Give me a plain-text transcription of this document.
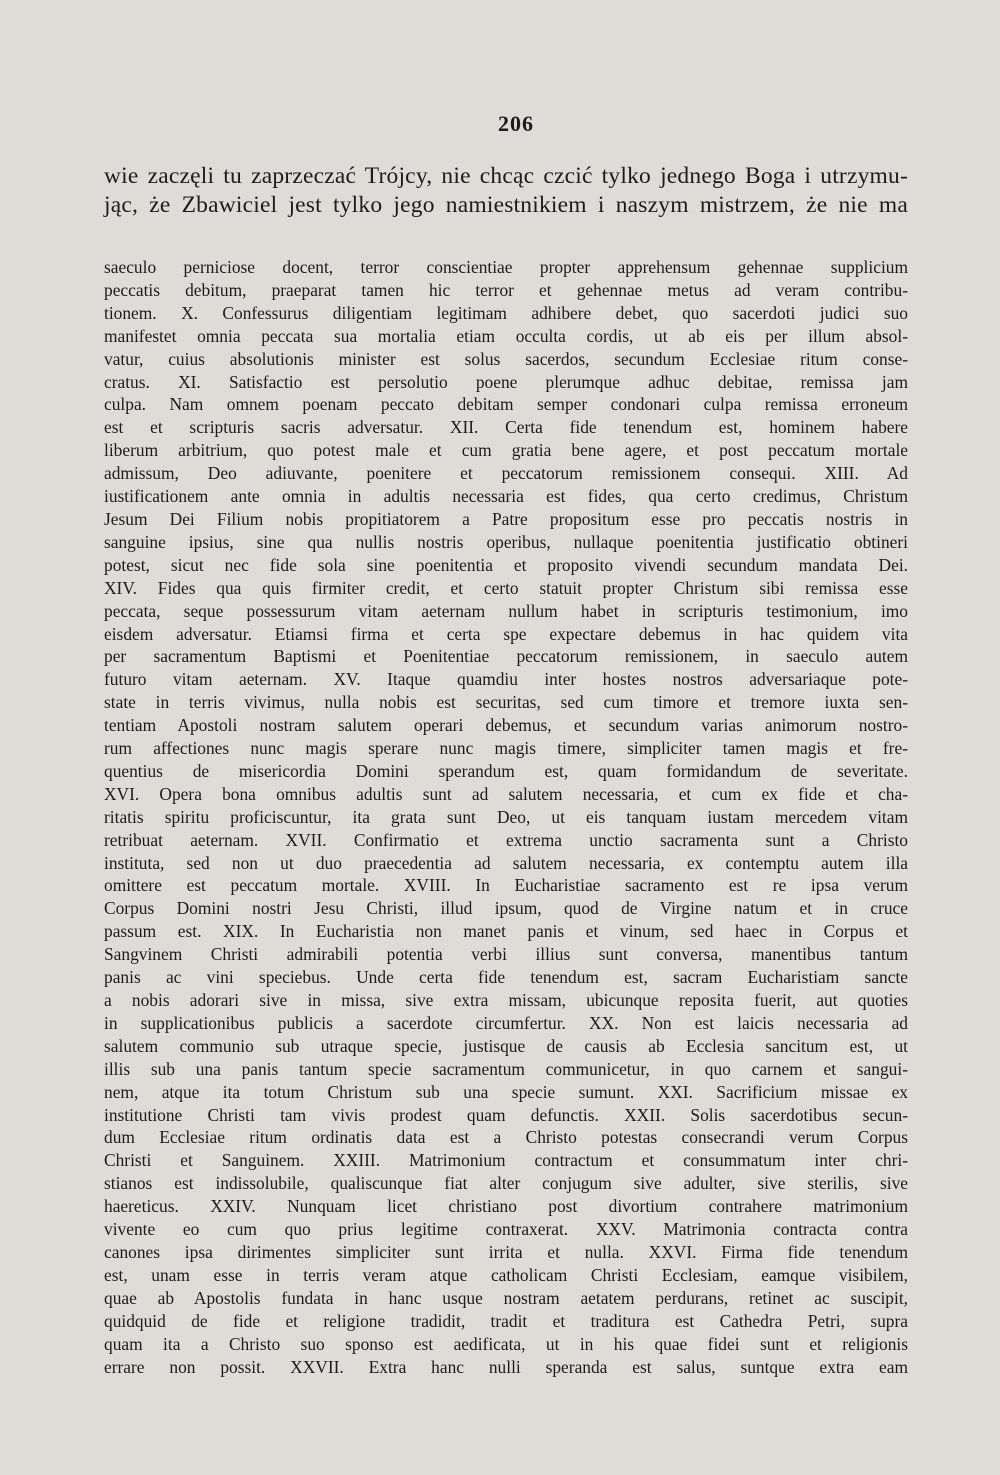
206

wie zaczęli tu zaprzeczać Trójcy, nie chcąc czcić tylko jednego Boga i utrzymu-
jąc, że Zbawiciel jest tylko jego namiestnikiem i naszym mistrzem, że nie ma

saeculo perniciose docent, terror conscientiae propter apprehensum gehennae supplicium
peccatis debitum, praeparat tamen hic terror et gehennae metus ad veram contribu-
tionem. X. Confessurus diligentiam legitimam adhibere debet, quo sacerdoti judici suo
manifestet omnia peccata sua mortalia etiam occulta cordis, ut ab eis per illum absol-
vatur, cuius absolutionis minister est solus sacerdos, secundum Ecclesiae ritum conse-
cratus. XI. Satisfactio est persolutio poene plerumque adhuc debitae, remissa jam
culpa. Nam omnem poenam peccato debitam semper condonari culpa remissa erroneum
est et scripturis sacris adversatur. XII. Certa fide tenendum est, hominem habere
liberum arbitrium, quo potest male et cum gratia bene agere, et post peccatum mortale
admissum, Deo adiuvante, poenitere et peccatorum remissionem consequi. XIII. Ad
iustificationem ante omnia in adultis necessaria est fides, qua certo credimus, Christum
Jesum Dei Filium nobis propitiatorem a Patre propositum esse pro peccatis nostris in
sanguine ipsius, sine qua nullis nostris operibus, nullaque poenitentia justificatio obtineri
potest, sicut nec fide sola sine poenitentia et proposito vivendi secundum mandata Dei.
XIV. Fides qua quis firmiter credit, et certo statuit propter Christum sibi remissa esse
peccata, seque possessurum vitam aeternam nullum habet in scripturis testimonium, imo
eisdem adversatur. Etiamsi firma et certa spe expectare debemus in hac quidem vita
per sacramentum Baptismi et Poenitentiae peccatorum remissionem, in saeculo autem
futuro vitam aeternam. XV. Itaque quamdiu inter hostes nostros adversariaque pote-
state in terris vivimus, nulla nobis est securitas, sed cum timore et tremore iuxta sen-
tentiam Apostoli nostram salutem operari debemus, et secundum varias animorum nostro-
rum affectiones nunc magis sperare nunc magis timere, simpliciter tamen magis et fre-
quentius de misericordia Domini sperandum est, quam formidandum de severitate.
XVI. Opera bona omnibus adultis sunt ad salutem necessaria, et cum ex fide et cha-
ritatis spiritu proficiscuntur, ita grata sunt Deo, ut eis tanquam iustam mercedem vitam
retribuat aeternam. XVII. Confirmatio et extrema unctio sacramenta sunt a Christo
instituta, sed non ut duo praecedentia ad salutem necessaria, ex contemptu autem illa
omittere est peccatum mortale. XVIII. In Eucharistiae sacramento est re ipsa verum
Corpus Domini nostri Jesu Christi, illud ipsum, quod de Virgine natum et in cruce
passum est. XIX. In Eucharistia non manet panis et vinum, sed haec in Corpus et
Sangvinem Christi admirabili potentia verbi illius sunt conversa, manentibus tantum
panis ac vini speciebus. Unde certa fide tenendum est, sacram Eucharistiam sancte
a nobis adorari sive in missa, sive extra missam, ubicunque reposita fuerit, aut quoties
in supplicationibus publicis a sacerdote circumfertur. XX. Non est laicis necessaria ad
salutem communio sub utraque specie, justisque de causis ab Ecclesia sancitum est, ut
illis sub una panis tantum specie sacramentum communicetur, in quo carnem et sangui-
nem, atque ita totum Christum sub una specie sumunt. XXI. Sacrificium missae ex
institutione Christi tam vivis prodest quam defunctis. XXII. Solis sacerdotibus secun-
dum Ecclesiae ritum ordinatis data est a Christo potestas consecrandi verum Corpus
Christi et Sanguinem. XXIII. Matrimonium contractum et consummatum inter chri-
stianos est indissolubile, qualiscunque fiat alter conjugum sive adulter, sive sterilis, sive
haereticus. XXIV. Nunquam licet christiano post divortium contrahere matrimonium
vivente eo cum quo prius legitime contraxerat. XXV. Matrimonia contracta contra
canones ipsa dirimentes simpliciter sunt irrita et nulla. XXVI. Firma fide tenendum
est, unam esse in terris veram atque catholicam Christi Ecclesiam, eamque visibilem,
quae ab Apostolis fundata in hanc usque nostram aetatem perdurans, retinet ac suscipit,
quidquid de fide et religione tradidit, tradit et traditura est Cathedra Petri, supra
quam ita a Christo suo sponso est aedificata, ut in his quae fidei sunt et religionis
errare non possit. XXVII. Extra hanc nulli speranda est salus, suntque extra eam
